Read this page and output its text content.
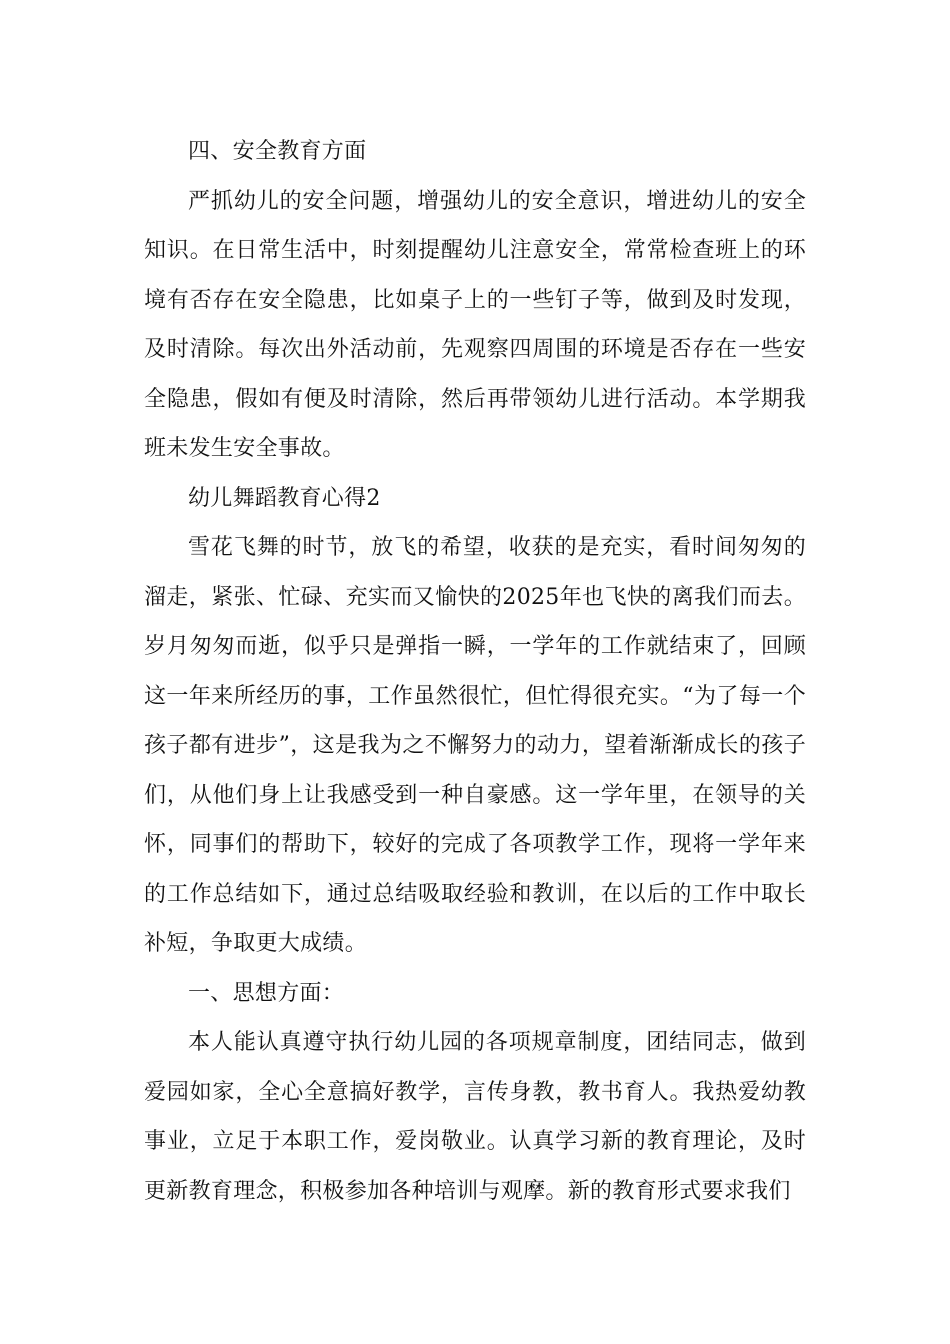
四、安全教育方面

严抓幼儿的安全问题，增强幼儿的安全意识，增进幼儿的安全知识。在日常生活中，时刻提醒幼儿注意安全，常常检查班上的环境有否存在安全隐患，比如桌子上的一些钉子等，做到及时发现，及时清除。每次出外活动前，先观察四周围的环境是否存在一些安全隐患，假如有便及时清除，然后再带领幼儿进行活动。本学期我班未发生安全事故。

幼儿舞蹈教育心得2

雪花飞舞的时节，放飞的希望，收获的是充实，看时间匆匆的溜走，紧张、忙碌、充实而又愉快的2025年也飞快的离我们而去。岁月匆匆而逝，似乎只是弹指一瞬，一学年的工作就结束了，回顾这一年来所经历的事，工作虽然很忙，但忙得很充实。“为了每一个孩子都有进步”，这是我为之不懈努力的动力，望着渐渐成长的孩子们，从他们身上让我感受到一种自豪感。这一学年里，在领导的关怀，同事们的帮助下，较好的完成了各项教学工作，现将一学年来的工作总结如下，通过总结吸取经验和教训，在以后的工作中取长补短，争取更大成绩。

一、思想方面：

本人能认真遵守执行幼儿园的各项规章制度，团结同志，做到爱园如家，全心全意搞好教学，言传身教，教书育人。我热爱幼教事业，立足于本职工作，爱岗敬业。认真学习新的教育理论，及时更新教育理念，积极参加各种培训与观摩。新的教育形式要求我们
